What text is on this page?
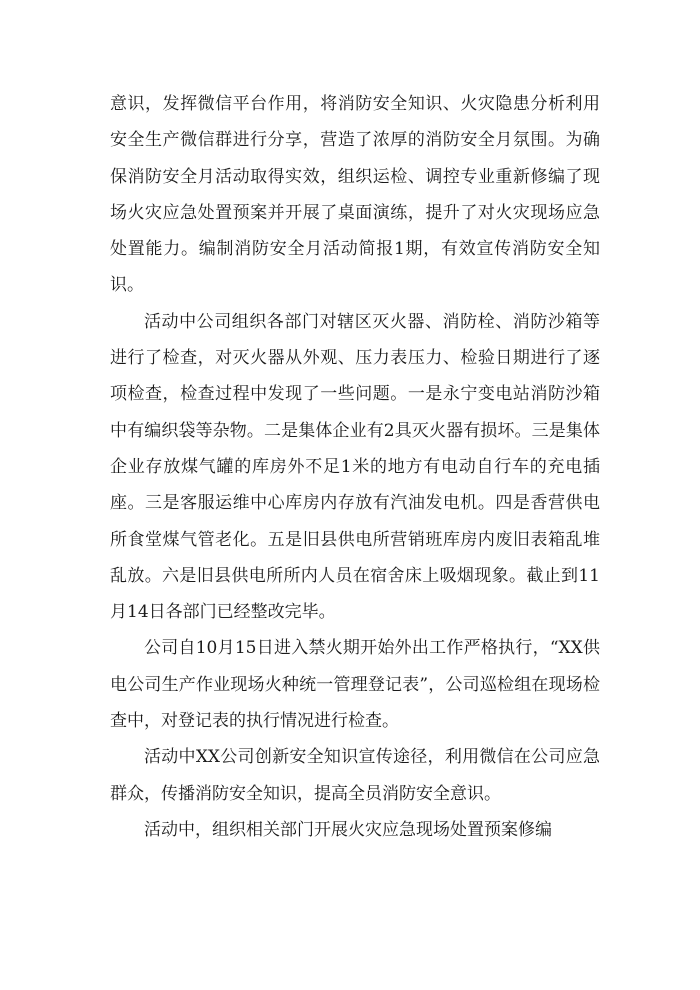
意识，发挥微信平台作用，将消防安全知识、火灾隐患分析利用安全生产微信群进行分享，营造了浓厚的消防安全月氛围。为确保消防安全月活动取得实效，组织运检、调控专业重新修编了现场火灾应急处置预案并开展了桌面演练，提升了对火灾现场应急处置能力。编制消防安全月活动简报1期，有效宣传消防安全知识。

活动中公司组织各部门对辖区灭火器、消防栓、消防沙箱等进行了检查，对灭火器从外观、压力表压力、检验日期进行了逐项检查，检查过程中发现了一些问题。一是永宁变电站消防沙箱中有编织袋等杂物。二是集体企业有2具灭火器有损坏。三是集体企业存放煤气罐的库房外不足1米的地方有电动自行车的充电插座。三是客服运维中心库房内存放有汽油发电机。四是香营供电所食堂煤气管老化。五是旧县供电所营销班库房内废旧表箱乱堆乱放。六是旧县供电所所内人员在宿舍床上吸烟现象。截止到11月14日各部门已经整改完毕。

公司自10月15日进入禁火期开始外出工作严格执行，“XX供电公司生产作业现场火种统一管理登记表”，公司巡检组在现场检查中，对登记表的执行情况进行检查。

活动中XX公司创新安全知识宣传途径，利用微信在公司应急群众，传播消防安全知识，提高全员消防安全意识。

活动中，组织相关部门开展火灾应急现场处置预案修编
